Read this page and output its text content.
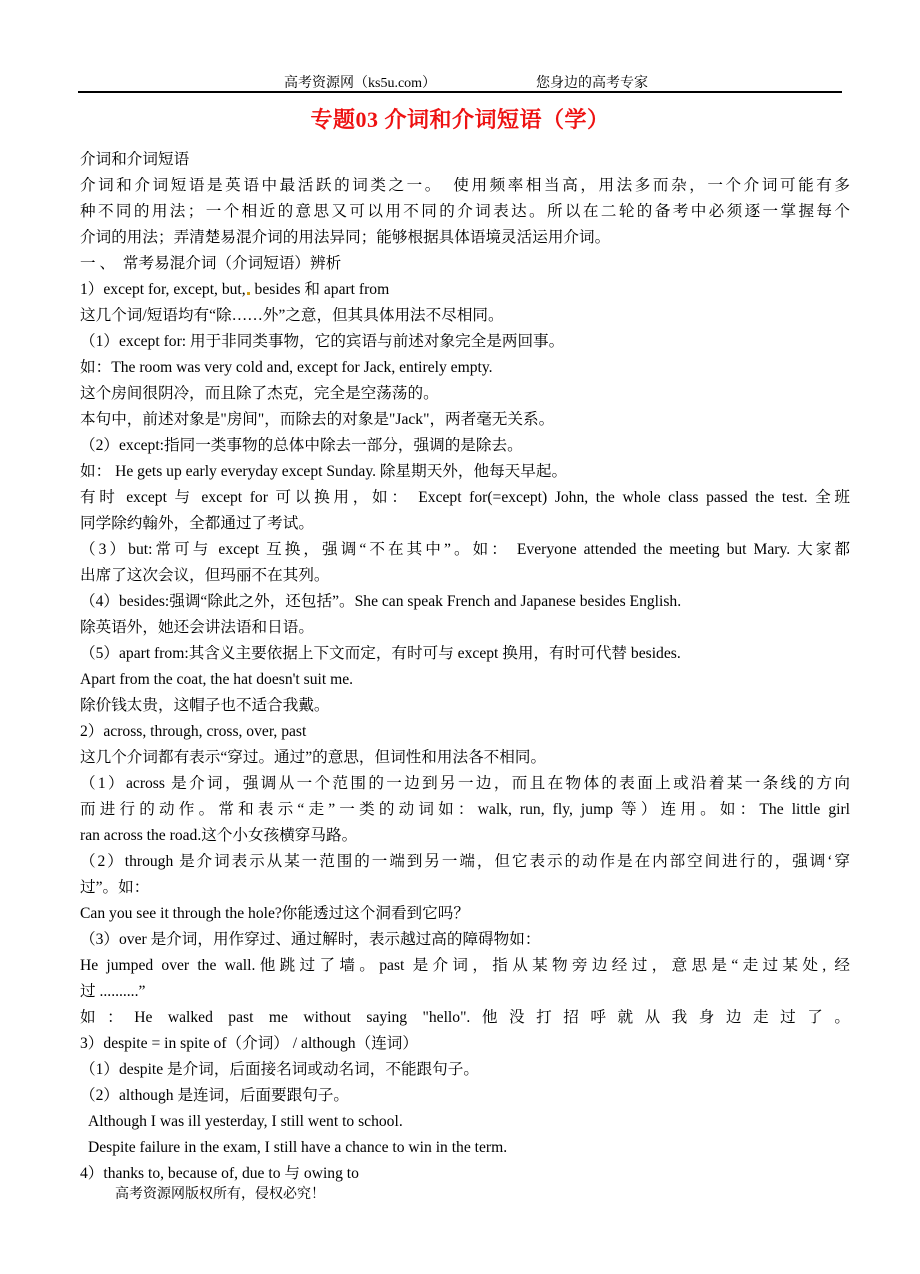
高考资源网（ks5u.com）	您身边的高考专家
专题03 介词和介词短语（学）
介词和介词短语
介词和介词短语是英语中最活跃的词类之一。　使用频率相当高，用法多而杂，一个介词可能有多
种不同的用法；一个相近的意思又可以用不同的介词表达。所以在二轮的备考中必须逐一掌握每个
介词的用法；弄清楚易混介词的用法异同；能够根据具体语境灵活运用介词。
一 、　常考易混介词（介词短语）辨析
1）except for, except, but, besides 和 apart from
这几个词/短语均有“除……外”之意，但其具体用法不尽相同。
（1）except for: 用于非同类事物，它的宾语与前述对象完全是两回事。
如：The room was very cold and, except for Jack, entirely empty.
这个房间很阴冷，而且除了杰克，完全是空荡荡的。
本句中，前述对象是"房间"，而除去的对象是"Jack"，两者毫无关系。
（2）except:指同一类事物的总体中除去一部分，强调的是除去。
如： He gets up early everyday except Sunday. 除星期天外，他每天早起。
有时 except 与 except for 可以换用，如： Except for(=except) John, the whole class passed the test. 全班
同学除约翰外，全都通过了考试。
（3）but:常可与 except 互换，强调“不在其中”。如： Everyone attended the meeting but Mary. 大家都
出席了这次会议，但玛丽不在其列。
（4）besides:强调“除此之外，还包括”。She can speak French and Japanese besides English.
除英语外，她还会讲法语和日语。
（5）apart from:其含义主要依据上下文而定，有时可与 except 换用，有时可代替 besides.
Apart from the coat, the hat doesn't suit me.
除价钱太贵，这帽子也不适合我戴。
2）across, through, cross, over, past
这几个介词都有表示“穿过。通过”的意思，但词性和用法各不相同。
（1）across 是介词，强调从一个范围的一边到另一边，而且在物体的表面上或沿着某一条线的方向
而进行的动作。常和表示“走”一类的动词如：walk, run, fly, jump 等）连用。如：The little girl
ran across the road.这个小女孩横穿马路。
（2）through 是介词表示从某一范围的一端到另一端，但它表示的动作是在内部空间进行的，强调‘穿
过”。如：
Can you see it through the hole?你能透过这个洞看到它吗？
（3）over 是介词，用作穿过、通过解时，表示越过高的障碍物如：
He jumped over the wall.他跳过了墙。past 是介词，指从某物旁边经过，意思是“走过某处, 经
过 ..........”
如：He walked past me without saying "hello".他没打招呼就从我身边走过了。
3）despite = in spite of（介词） / although（连词）
（1）despite 是介词，后面接名词或动名词，不能跟句子。
（2）although 是连词，后面要跟句子。
Although I was ill yesterday, I still went to school.
Despite failure in the exam, I still have a chance to win in the term.
4）thanks to, because of, due to 与 owing to
高考资源网版权所有，侵权必究！
